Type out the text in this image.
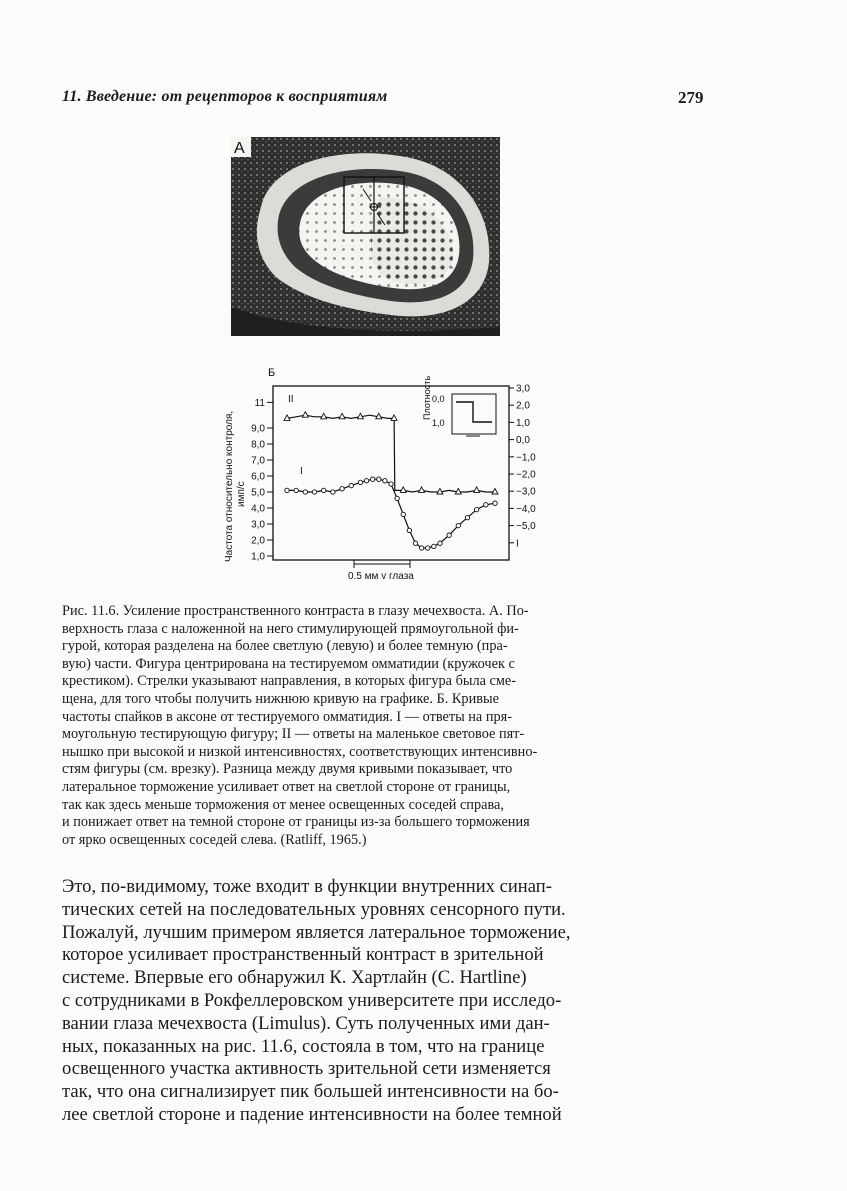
11. Введение: от рецепторов к восприятиям	279
A
Б
Частота относительно контроля,имп/с
1,0
2,0
3,0
4,0
5,0
6,0
7,0
8,0
9,0
11
3,0
2,0
1,0
0,0
−1,0
−2,0
−3,0
−4,0
−5,0
I
II
I
Плотность 0,0
1,0
0.5 мм v глаза

Рис. 11.6. Усиление пространственного контраста в глазу мечехвоста. А. По-

верхность глаза с наложенной на него стимулирующей прямоугольной фи-

гурой, которая разделена на более светлую (левую) и более темную (пра-

вую) части. Фигура центрирована на тестируемом омматидии (кружочек с

крестиком). Стрелки указывают направления, в которых фигура была сме-

щена, для того чтобы получить нижнюю кривую на графике. Б. Кривые

частоты спайков в аксоне от тестируемого омматидия. I — ответы на пря-

моугольную тестирующую фигуру; II — ответы на маленькое световое пят-

нышко при высокой и низкой интенсивностях, соответствующих интенсивно-

стям фигуры (см. врезку). Разница между двумя кривыми показывает, что

латеральное торможение усиливает ответ на светлой стороне от границы,

так как здесь меньше торможения от менее освещенных соседей справа,

и понижает ответ на темной стороне от границы из-за большего торможения

от ярко освещенных соседей слева. (Ratliff, 1965.)

Это, по-видимому, тоже входит в функции внутренних синап-

тических сетей на последовательных уровнях сенсорного пути.

Пожалуй, лучшим примером является латеральное торможение,

которое усиливает пространственный контраст в зрительной

системе. Впервые его обнаружил К. Хартлайн (С. Hartline)

с сотрудниками в Рокфеллеровском университете при исследо-

вании глаза мечехвоста (Limulus). Суть полученных ими дан-

ных, показанных на рис. 11.6, состояла в том, что на границе

освещенного участка активность зрительной сети изменяется

так, что она сигнализирует пик большей интенсивности на бо-

лее светлой стороне и падение интенсивности на более темной
